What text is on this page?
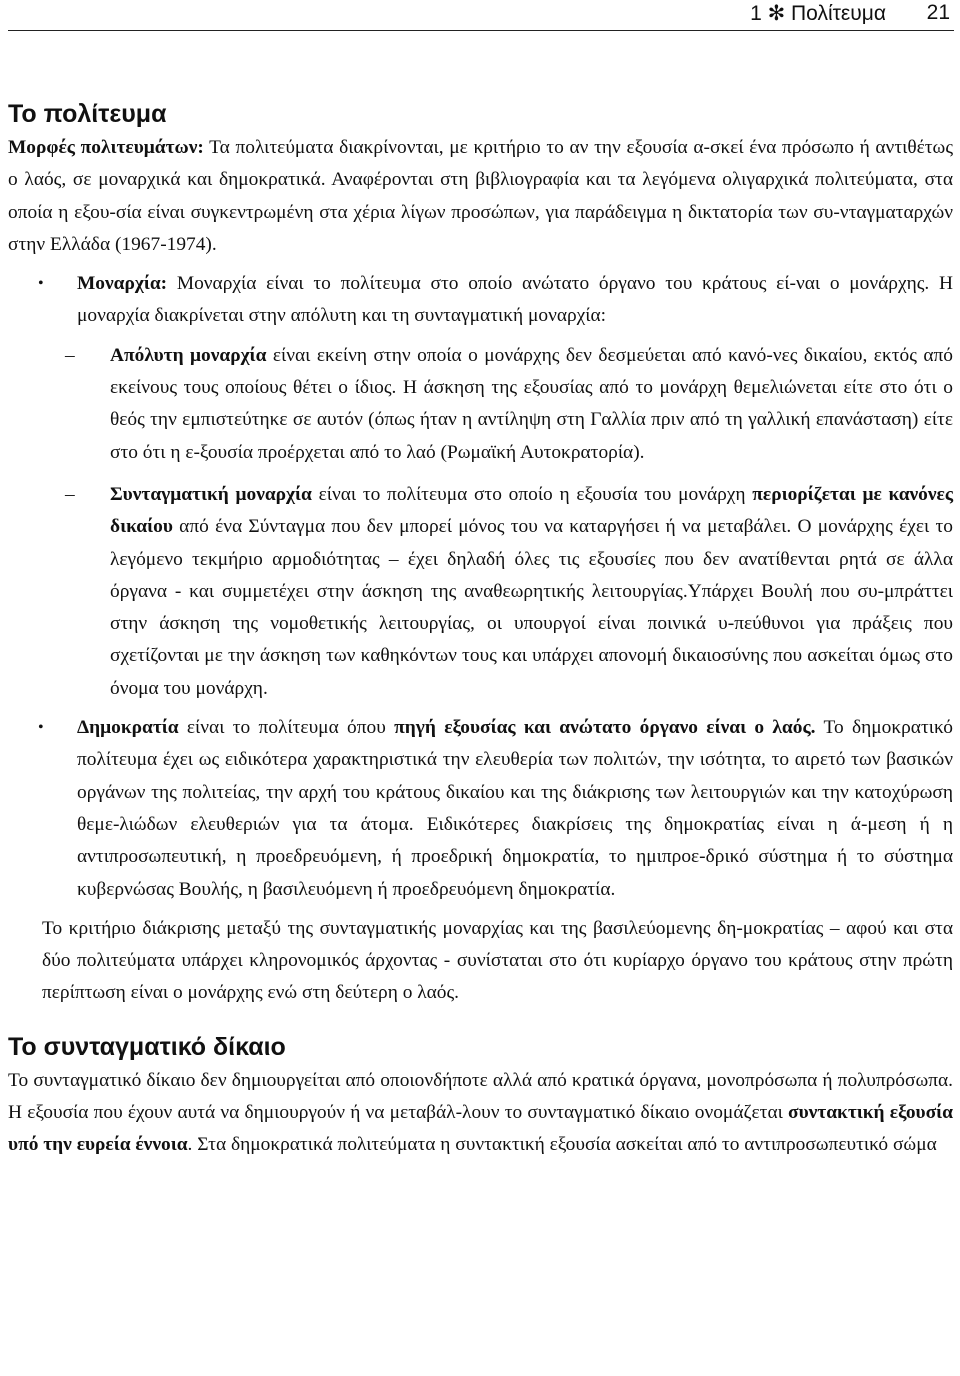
1 ✻ Πολίτευμα 21
Το πολίτευμα

Μορφές πολιτευμάτων: Τα πολιτεύματα διακρίνονται, με κριτήριο το αν την εξουσία α-σκεί ένα πρόσωπο ή αντιθέτως ο λαός, σε μοναρχικά και δημοκρατικά. Αναφέρονται στη βιβλιογραφία και τα λεγόμενα ολιγαρχικά πολιτεύματα, στα οποία η εξου-σία είναι συγκεντρωμένη στα χέρια λίγων προσώπων, για παράδειγμα η δικτατορία των συ-νταγματαρχών στην Ελλάδα (1967-1974).

• Μοναρχία: Μοναρχία είναι το πολίτευμα στο οποίο ανώτατο όργανο του κράτους εί-ναι ο μονάρχης. Η μοναρχία διακρίνεται στην απόλυτη και τη συνταγματική μοναρχία:

– Απόλυτη μοναρχία είναι εκείνη στην οποία ο μονάρχης δεν δεσμεύεται από κανό-νες δικαίου, εκτός από εκείνους τους οποίους θέτει ο ίδιος. Η άσκηση της εξουσίας από το μονάρχη θεμελιώνεται είτε στο ότι ο θεός την εμπιστεύτηκε σε αυτόν (όπως ήταν η αντίληψη στη Γαλλία πριν από τη γαλλική επανάσταση) είτε στο ότι η ε-ξουσία προέρχεται από το λαό (Ρωμαϊκή Αυτοκρατορία).

– Συνταγματική μοναρχία είναι το πολίτευμα στο οποίο η εξουσία του μονάρχη περιορίζεται με κανόνες δικαίου από ένα Σύνταγμα που δεν μπορεί μόνος του να καταργήσει ή να μεταβάλει. Ο μονάρχης έχει το λεγόμενο τεκμήριο αρμοδιότητας – έχει δηλαδή όλες τις εξουσίες που δεν ανατίθενται ρητά σε άλλα όργανα - και συμμετέχει στην άσκηση της αναθεωρητικής λειτουργίας.Υπάρχει Βουλή που συ-μπράττει στην άσκηση της νομοθετικής λειτουργίας, οι υπουργοί είναι ποινικά υ-πεύθυνοι για πράξεις που σχετίζονται με την άσκηση των καθηκόντων τους και υπάρχει απονομή δικαιοσύνης που ασκείται όμως στο όνομα του μονάρχη.

• Δημοκρατία είναι το πολίτευμα όπου πηγή εξουσίας και ανώτατο όργανο είναι ο λαός. Το δημοκρατικό πολίτευμα έχει ως ειδικότερα χαρακτηριστικά την ελευθερία των πολιτών, την ισότητα, το αιρετό των βασικών οργάνων της πολιτείας, την αρχή του κράτους δικαίου και της διάκρισης των λειτουργιών και την κατοχύρωση θεμε-λιώδων ελευθεριών για τα άτομα. Ειδικότερες διακρίσεις της δημοκρατίας είναι η ά-μεση ή η αντιπροσωπευτική, η προεδρευόμενη, ή προεδρική δημοκρατία, το ημιπροε-δρικό σύστημα ή το σύστημα κυβερνώσας Βουλής, η βασιλευόμενη ή προεδρευόμενη δημοκρατία.

Το κριτήριο διάκρισης μεταξύ της συνταγματικής μοναρχίας και της βασιλεύομενης δη-μοκρατίας – αφού και στα δύο πολιτεύματα υπάρχει κληρονομικός άρχοντας - συνίσταται στο ότι κυρίαρχο όργανο του κράτους στην πρώτη περίπτωση είναι ο μονάρχης ενώ στη δεύτερη ο λαός.

Το συνταγματικό δίκαιο

Το συνταγματικό δίκαιο δεν δημιουργείται από οποιονδήποτε αλλά από κρατικά όργανα, μονοπρόσωπα ή πολυπρόσωπα. Η εξουσία που έχουν αυτά να δημιουργούν ή να μεταβάλ-λουν το συνταγματικό δίκαιο ονομάζεται συντακτική εξουσία υπό την ευρεία έννοια. Στα δημοκρατικά πολιτεύματα η συντακτική εξουσία ασκείται από το αντιπροσωπευτικό σώμα
